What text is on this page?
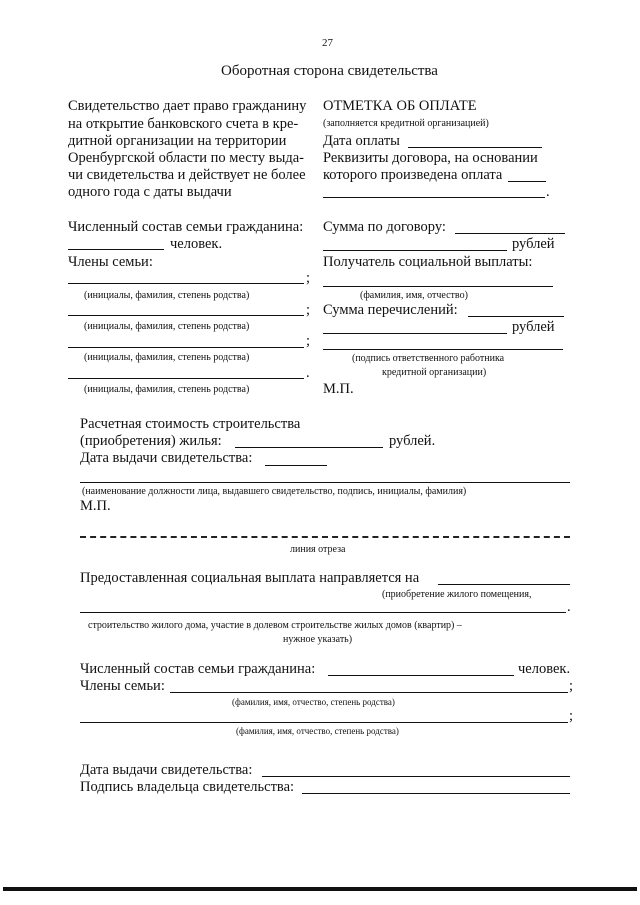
27
Оборотная сторона свидетельства
Свидетельство дает право гражданину
на открытие банковского счета в кре-
дитной организации на территории
Оренбургской области по месту выда-
чи свидетельства и действует не более
одного года с даты выдачи
ОТМЕТКА ОБ ОПЛАТЕ
(заполняется кредитной организацией)
Дата оплаты
Реквизиты договора, на основании
которого произведена оплата
.
Численный состав семьи гражданина:
человек.
Члены семьи:
;
(инициалы, фамилия, степень родства)
;
(инициалы, фамилия, степень родства)
;
(инициалы, фамилия, степень родства)
.
(инициалы, фамилия, степень родства)
Сумма по договору:
рублей
Получатель социальной выплаты:
(фамилия, имя, отчество)
Сумма перечислений:
рублей
(подпись ответственного работника
кредитной организации)
М.П.
Расчетная стоимость строительства
(приобретения) жилья:	рублей.
Дата выдачи свидетельства:
(наименование должности лица, выдавшего свидетельство, подпись, инициалы, фамилия)
М.П.
линия отреза
Предоставленная социальная выплата направляется на
(приобретение жилого помещения,
.
строительство жилого дома, участие в долевом строительстве жилых домов (квартир) –
нужное указать)
Численный состав семьи гражданина:	человек.
Члены семьи:	;
(фамилия, имя, отчество, степень родства)
;
(фамилия, имя, отчество, степень родства)
Дата выдачи свидетельства:
Подпись владельца свидетельства:
